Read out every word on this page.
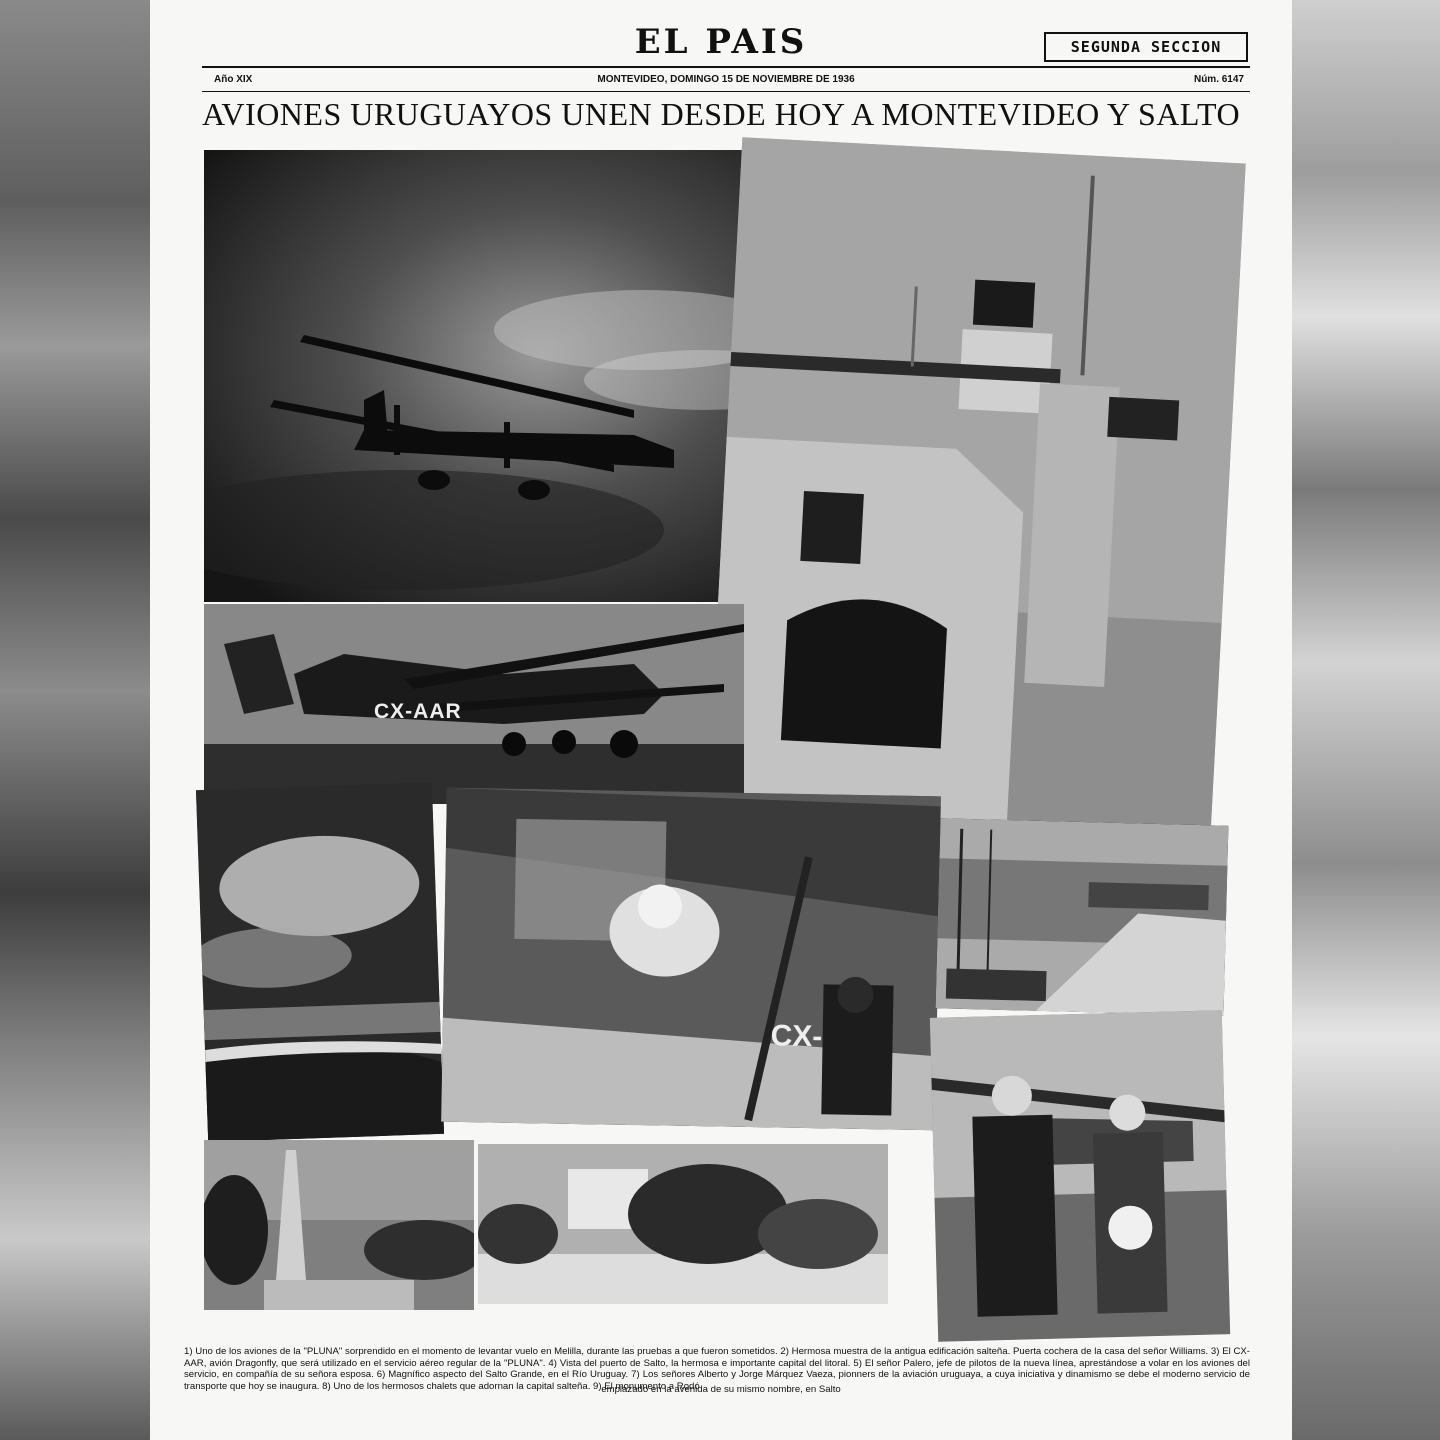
EL PAIS	SEGUNDA SECCION
Año XIX	MONTEVIDEO, DOMINGO 15 DE NOVIEMBRE DE 1936	Núm. 6147
AVIONES URUGUAYOS UNEN DESDE HOY A MONTEVIDEO Y SALTO
CX-AAR
CX-
1) Uno de los aviones de la "PLUNA" sorprendido en el momento de levantar vuelo en Melilla, durante las pruebas a que fueron sometidos. 2) Hermosa muestra de la antigua edificación salteña. Puerta cochera de la casa del señor Williams. 3) El CX-AAR, avión Dragonfly, que será utilizado en el servicio aéreo regular de la "PLUNA". 4) Vista del puerto de Salto, la hermosa e importante capital del litoral. 5) El señor Palero, jefe de pilotos de la nueva línea, aprestándose a volar en los aviones del servicio, en compañía de su señora esposa. 6) Magnífico aspecto del Salto Grande, en el Río Uruguay. 7) Los señores Alberto y Jorge Márquez Vaeza, pionners de la aviación uruguaya, a cuya iniciativa y dinamismo se debe el moderno servicio de transporte que hoy se inaugura. 8) Uno de los hermosos chalets que adornan la capital salteña. 9) El monumento a Rodó
emplazado en la avenida de su mismo nombre, en Salto
